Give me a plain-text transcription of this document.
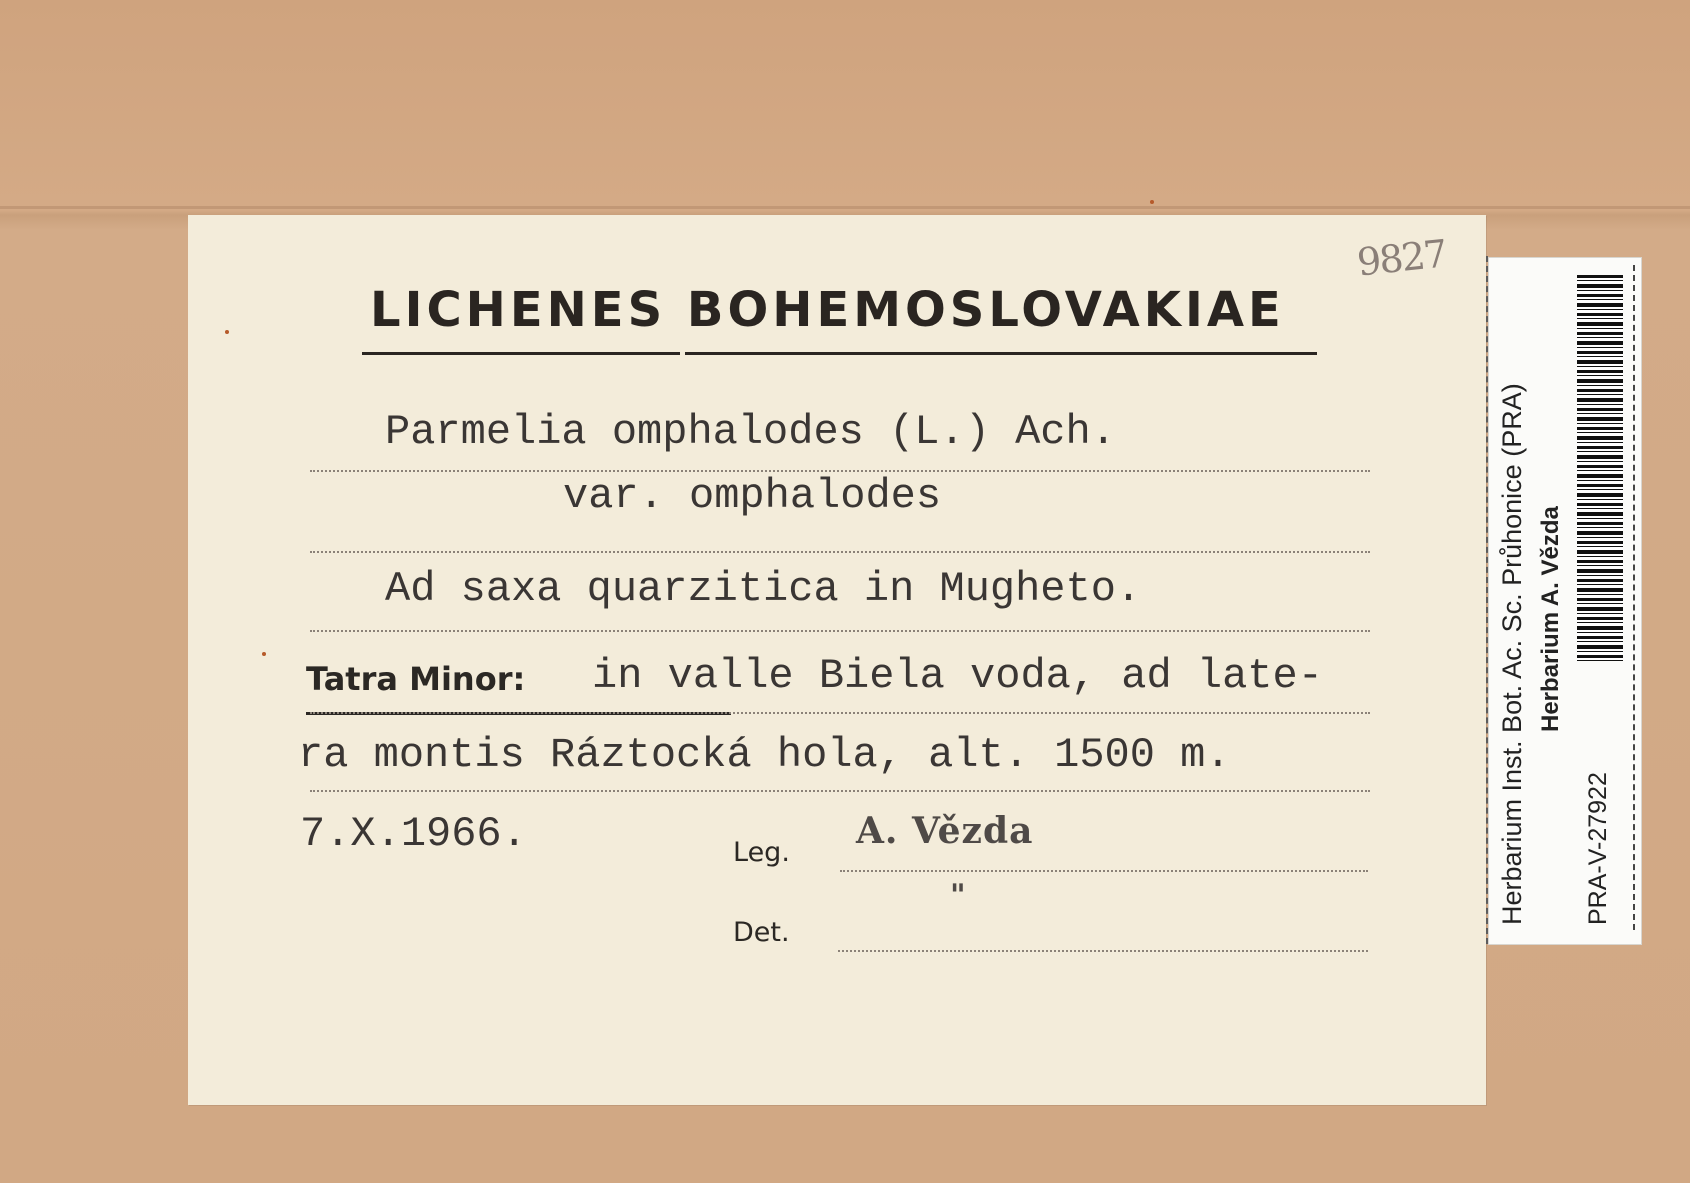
9827
LICHENES BOHEMOSLOVAKIAE
Parmelia omphalodes (L.) Ach.
var. omphalodes
Ad saxa quarzitica in Mugheto.
Tatra Minor: in valle Biela voda, ad late-
ra montis Ráztocká hola, alt. 1500 m.
7.X.1966.	Leg.
A. Vězda
"
Det.
Herbarium Inst. Bot. Ac. Sc. Průhonice (PRA) Herbarium A. Vězda
PRA-V-27922
